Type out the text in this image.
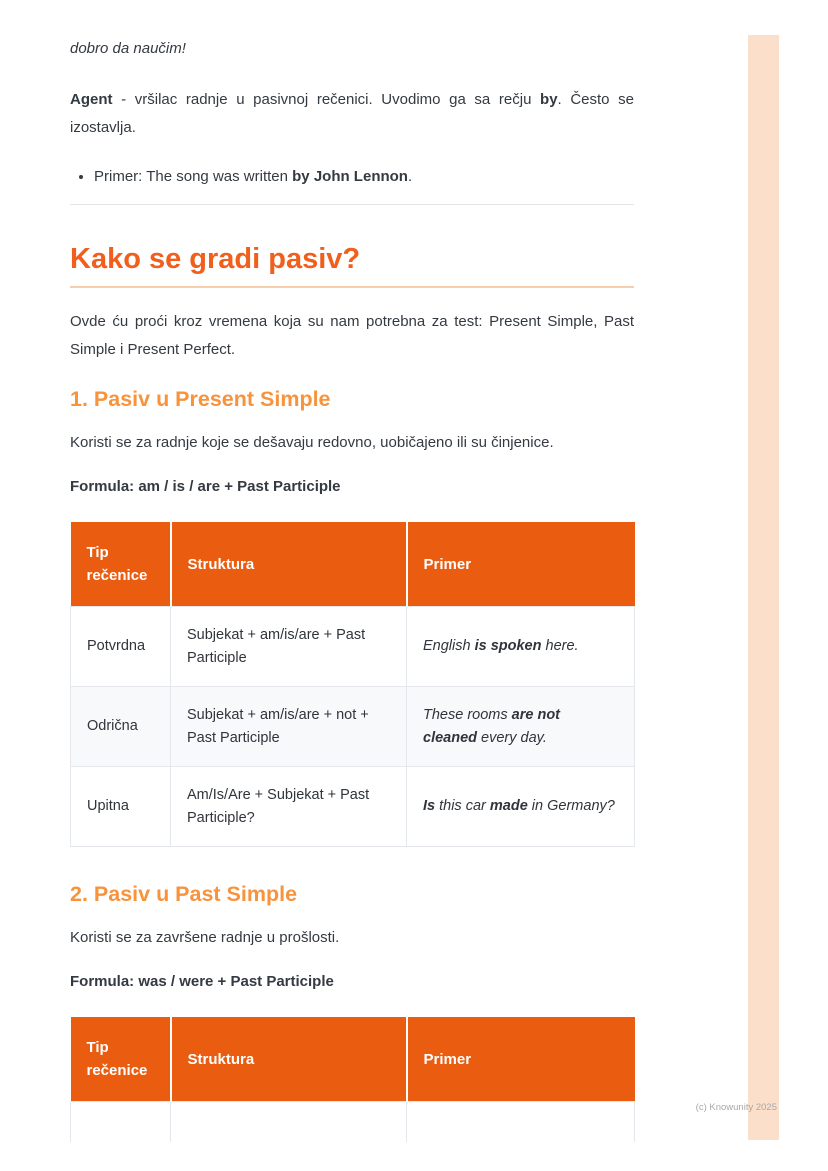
dobro da naučim!

Agent - vršilac radnje u pasivnoj rečenici. Uvodimo ga sa rečju by. Često se izostavlja.

• Primer: The song was written by John Lennon.
Kako se gradi pasiv?

Ovde ću proći kroz vremena koja su nam potrebna za test: Present Simple, Past Simple i Present Perfect.

1. Pasiv u Present Simple

Koristi se za radnje koje se dešavaju redovno, uobičajeno ili su činjenice.

Formula: am / is / are + Past Participle

Tip rečenice	Struktura	Primer
Potvrdna	Subjekat + am/is/are + Past Participle	English is spoken here.
Odrična	Subjekat + am/is/are + not + Past Participle	These rooms are not cleaned every day.
Upitna	Am/Is/Are + Subjekat + Past Participle?	Is this car made in Germany?
2. Pasiv u Past Simple

Koristi se za završene radnje u prošlosti.

Formula: was / were + Past Participle

Tip rečenice	Struktura	Primer

(c) Knowunity 2025
